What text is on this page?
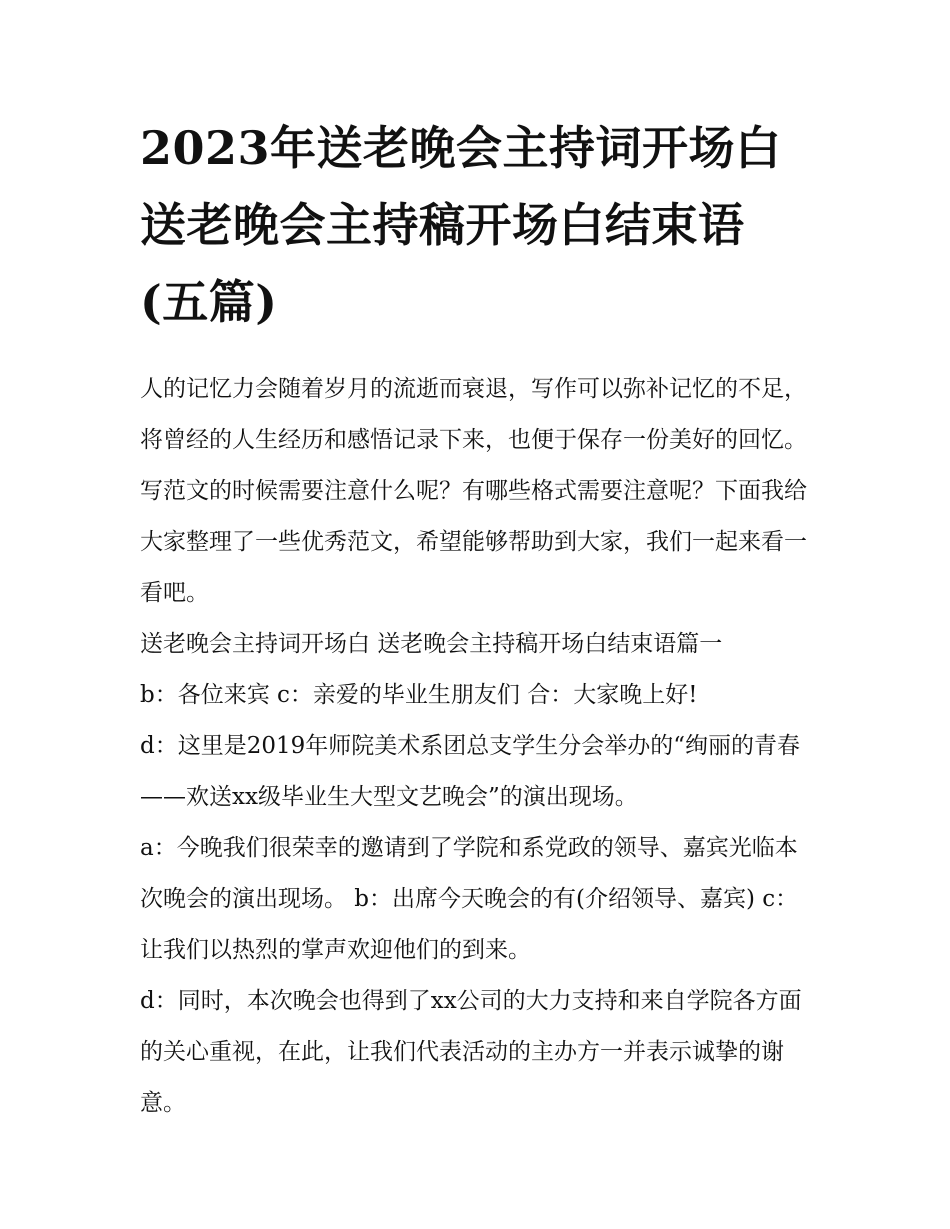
2023年送老晚会主持词开场白
送老晚会主持稿开场白结束语
(五篇)

人的记忆力会随着岁月的流逝而衰退，写作可以弥补记忆的不足，将曾经的人生经历和感悟记录下来，也便于保存一份美好的回忆。写范文的时候需要注意什么呢？有哪些格式需要注意呢？下面我给大家整理了一些优秀范文，希望能够帮助到大家，我们一起来看一看吧。

送老晚会主持词开场白 送老晚会主持稿开场白结束语篇一

b：各位来宾 c：亲爱的毕业生朋友们 合：大家晚上好!

d：这里是2019年师院美术系团总支学生分会举办的“绚丽的青春——欢送xx级毕业生大型文艺晚会”的演出现场。

a：今晚我们很荣幸的邀请到了学院和系党政的领导、嘉宾光临本次晚会的演出现场。 b：出席今天晚会的有(介绍领导、嘉宾) c：让我们以热烈的掌声欢迎他们的到来。

d：同时，本次晚会也得到了xx公司的大力支持和来自学院各方面的关心重视，在此，让我们代表活动的主办方一并表示诚挚的谢意。
